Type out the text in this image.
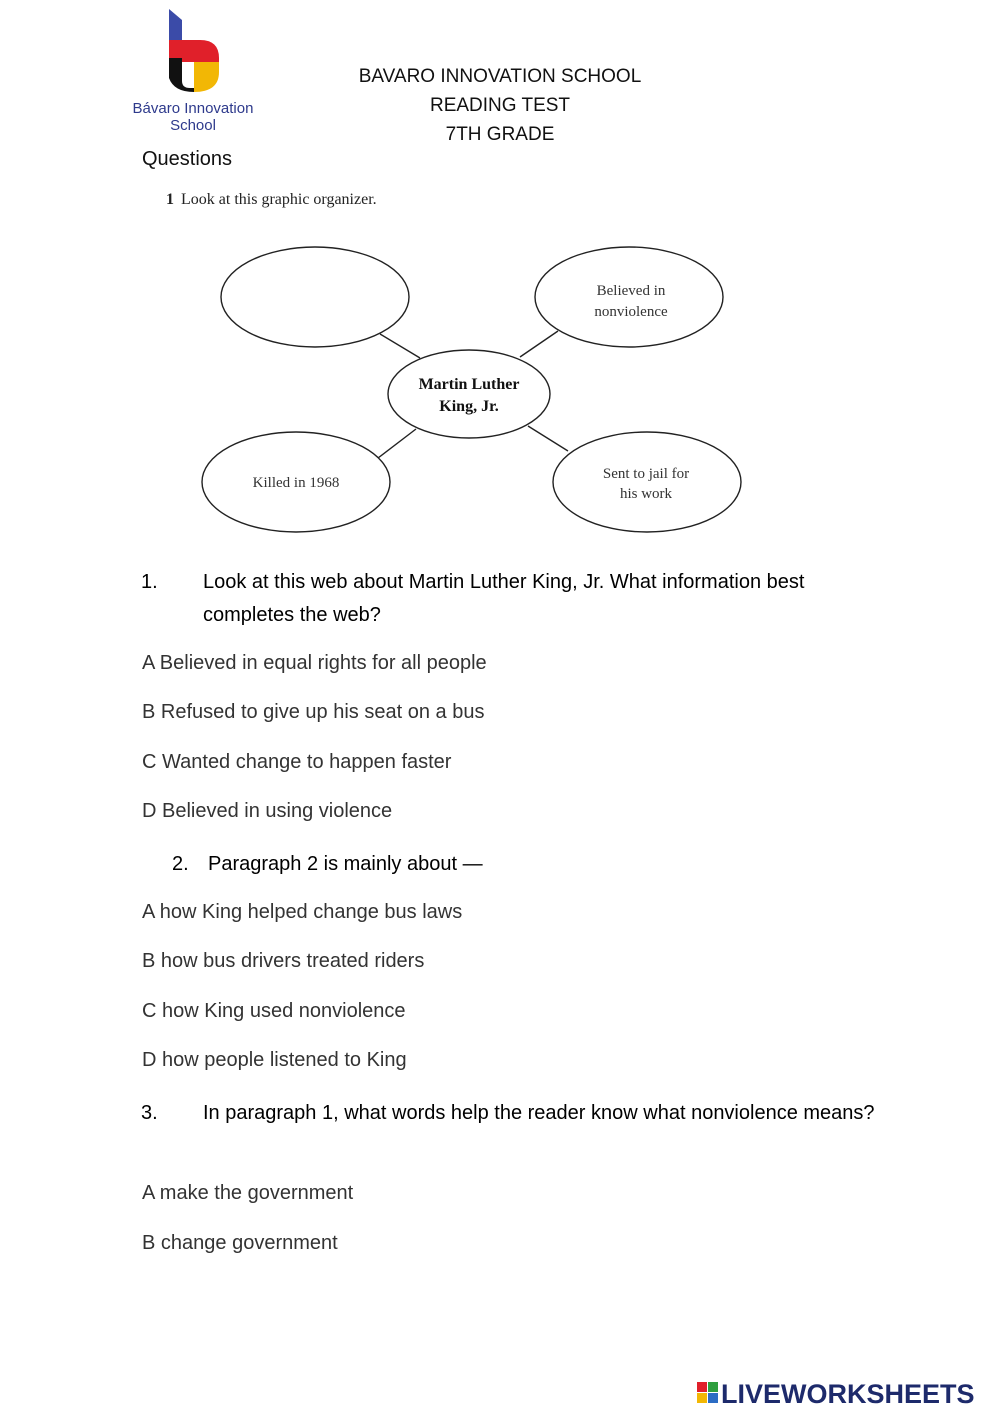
Bávaro Innovation
School
BAVARO INNOVATION SCHOOL
READING TEST
7TH GRADE
Questions
1 Look at this graphic organizer.
Martin Luther
King, Jr.
Believed in
nonviolence
Killed in 1968
Sent to jail for
his work
1. Look at this web about Martin Luther King, Jr. What information best completes the web?
A Believed in equal rights for all people
B Refused to give up his seat on a bus
C Wanted change to happen faster
D Believed in using violence
2. Paragraph 2 is mainly about —
A how King helped change bus laws
B how bus drivers treated riders
C how King used nonviolence
D how people listened to King
3. In paragraph 1, what words help the reader know what nonviolence means?
A make the government
B change government
LIVEWORKSHEETS
